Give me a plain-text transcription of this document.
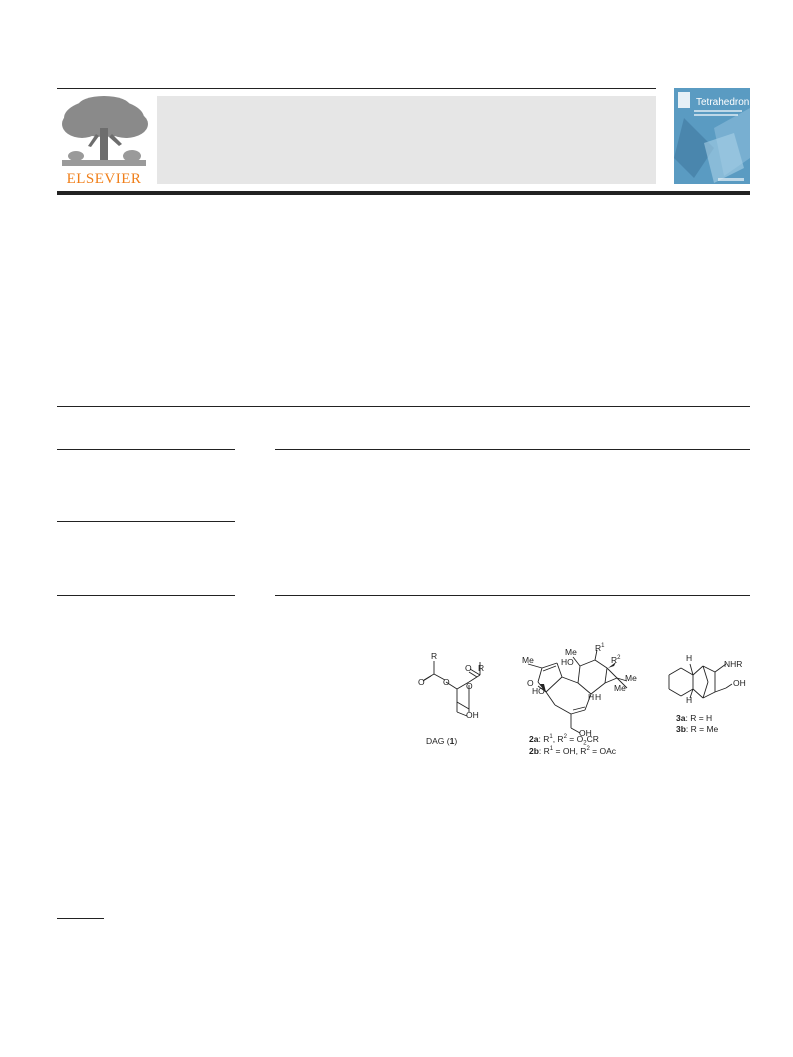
ELSEVIER
Tetrahedron
R
R
O O
O
O
OH
DAG (1)
Me
Me
Me
Me
$R^1$
$R^2$
HO
O
HO
H H
OH
2a: $R^1$, $R^2 = O_2CR$
2b: $R^1$ = OH, $R^2$ = OAc
H
H
NHR
OH
3a: R = H
3b: R = Me
